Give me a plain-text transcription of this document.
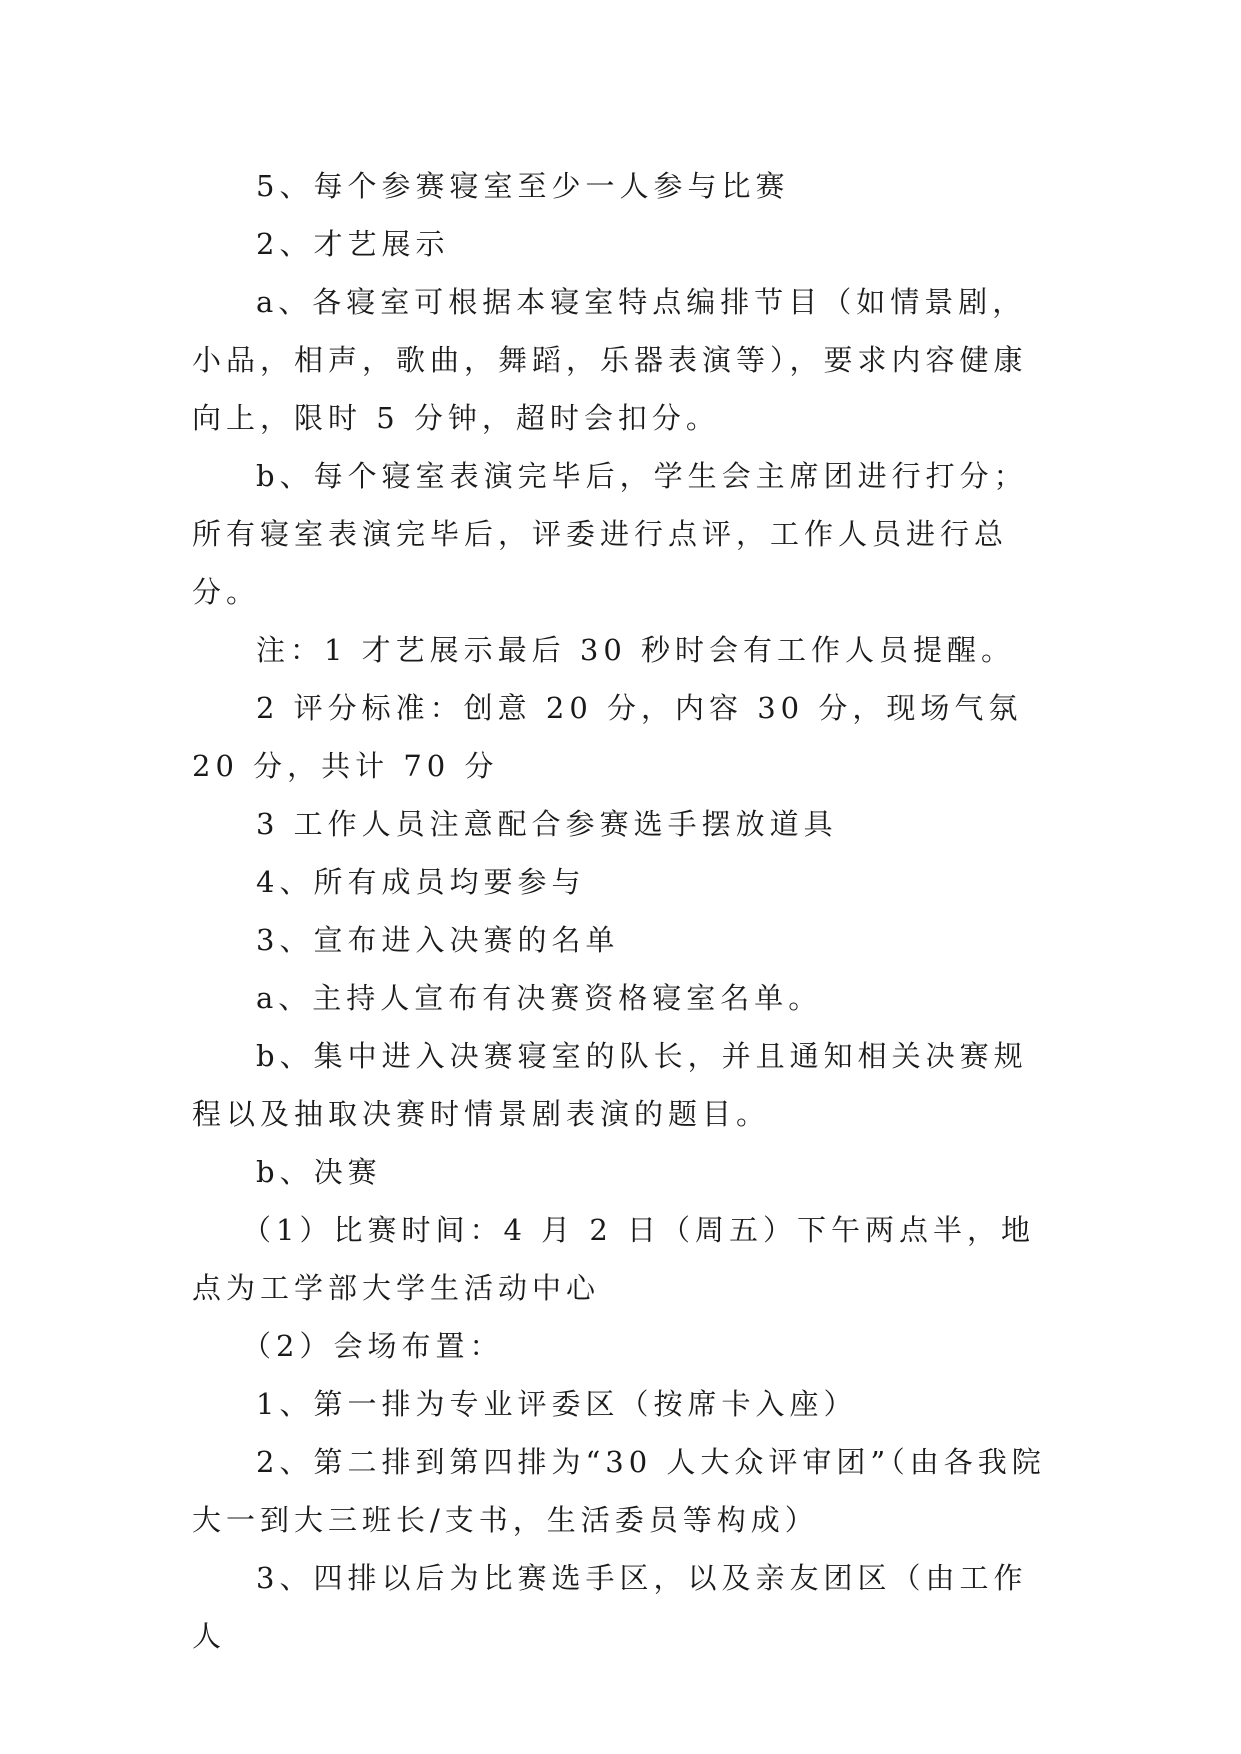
5、每个参赛寝室至少一人参与比赛

2、才艺展示

a、各寝室可根据本寝室特点编排节目（如情景剧，小品，相声，歌曲，舞蹈，乐器表演等），要求内容健康向上，限时 5 分钟，超时会扣分。

b、每个寝室表演完毕后，学生会主席团进行打分；所有寝室表演完毕后，评委进行点评，工作人员进行总分。

注：1 才艺展示最后 30 秒时会有工作人员提醒。

2 评分标准：创意 20 分，内容 30 分，现场气氛 20 分，共计 70 分

3 工作人员注意配合参赛选手摆放道具

4、所有成员均要参与

3、宣布进入决赛的名单

a、主持人宣布有决赛资格寝室名单。

b、集中进入决赛寝室的队长，并且通知相关决赛规程以及抽取决赛时情景剧表演的题目。

b、决赛

（1）比赛时间：4 月 2 日（周五）下午两点半，地点为工学部大学生活动中心

（2）会场布置：

1、第一排为专业评委区（按席卡入座）

2、第二排到第四排为“30 人大众评审团”（由各我院大一到大三班长/支书，生活委员等构成）

3、四排以后为比赛选手区，以及亲友团区（由工作人
